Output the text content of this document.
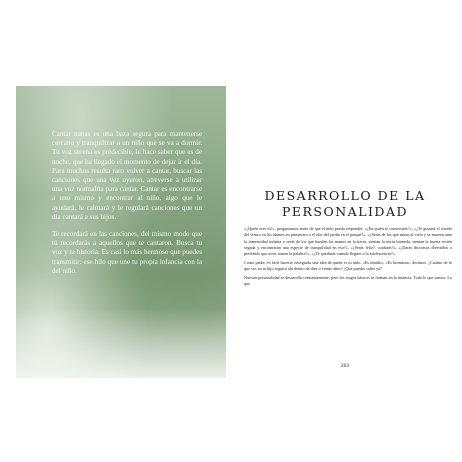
Cantar nanas es una baza segura para mantenerse cercano y tranquilizar a un niño que se va a dormir. Tu voz serena es predecible, le hace saber que es de noche, que ha llegado el momento de dejar ir el día. Para muchos resulta raro volver a cantar, buscar las canciones que una vez oyeron, atreverse a utilizar una voz normalita para cantar. Cantar es encontrarse a uno mismo y encontrar al niño, algo que le ayudará, le calmará y le regulará canciones que un día cantará a sus hijos.

Te recordará en las canciones, del mismo modo que tú recordarás a aquellos que te cantaron. Busca tu voz y tu historia. Es casi lo más hermoso que puedes transmitir: ese hilo que une tu propia infancia con la del niño.

DESARROLLO DE LA
PERSONALIDAD

«¿Quién eres tú?», preguntamos antes de que el niño pueda responder. «¿En quién te convertirás?», «¿Te gustará el sonido del viento en los álamos en primavera o el olor del jardín en el parque?», «¿Serás de los que miran al cielo y se mareen ante la inmensidad infinita o serás de los que hunden las manos en la tierra, sientan la tierra húmeda, sientan la huerta recién segada y encontrarán una especie de tranquilidad en eso?», «¿Serás feliz?, cuidarás?», «¿Darás discursos divertidos o preferirás que otros tomen la palabra?», «¿Te quedarás cuando llegues a la adolescencia?».

Como padre, es fácil hacerse enseguida una idea de quién es tu niño. «Es tímido», «Es bromista», decimos. ¿Cuánto de lo que ves en tu hijo seguirá ahí dentro de diez o veinte años? ¿Qué puedes saber ya?

Nuestra personalidad se desarrolla constantemente, pero los rasgos básicos se forman en la infancia. Todo lo que somos. Lo que

203
